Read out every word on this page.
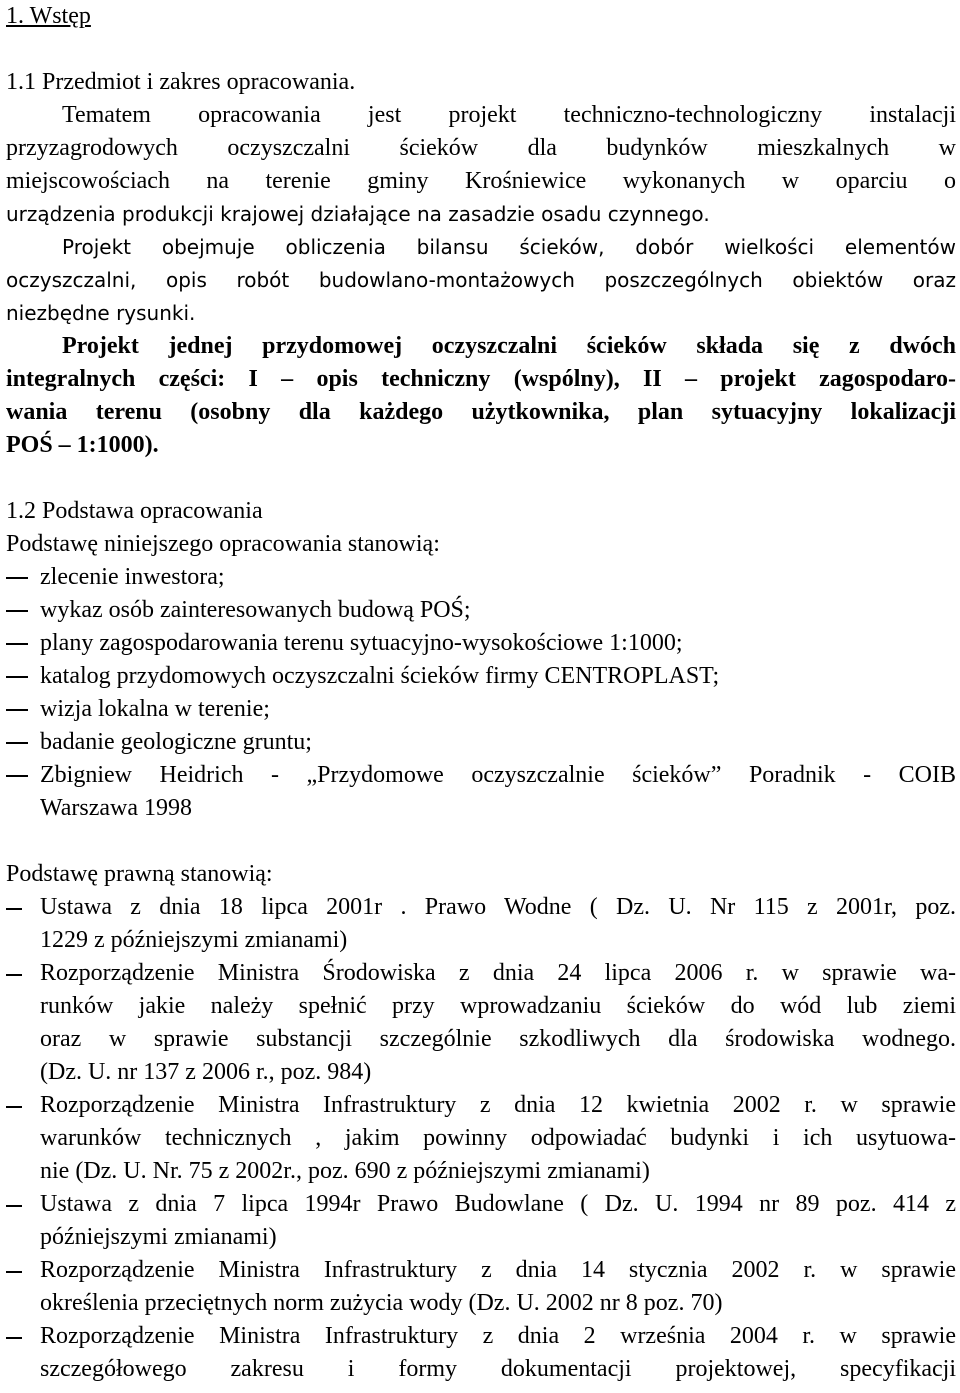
1. Wstęp
1.1 Przedmiot i zakres opracowania.
Tematem opracowania jest projekt techniczno-technologiczny instalacji
przyzagrodowych oczyszczalni ścieków dla budynków mieszkalnych w
miejscowościach na terenie gminy Krośniewice wykonanych w oparciu o
urządzenia produkcji krajowej działające na zasadzie osadu czynnego.
Projekt obejmuje obliczenia bilansu ścieków, dobór wielkości elementów
oczyszczalni, opis robót budowlano-montażowych poszczególnych obiektów oraz
niezbędne rysunki.
Projekt jednej przydomowej oczyszczalni ścieków składa się z dwóch
integralnych części: I – opis techniczny (wspólny), II – projekt zagospodaro-
wania terenu (osobny dla każdego użytkownika, plan sytuacyjny lokalizacji
POŚ – 1:1000).
1.2 Podstawa opracowania
Podstawę niniejszego opracowania stanowią:
zlecenie inwestora;
wykaz osób zainteresowanych budową POŚ;
plany zagospodarowania terenu sytuacyjno-wysokościowe 1:1000;
katalog przydomowych oczyszczalni ścieków firmy CENTROPLAST;
wizja lokalna w terenie;
badanie geologiczne gruntu;
Zbigniew Heidrich - „Przydomowe oczyszczalnie ścieków” Poradnik - COIB
Warszawa 1998
Podstawę prawną stanowią:
Ustawa z dnia 18 lipca 2001r . Prawo Wodne ( Dz. U. Nr 115 z 2001r, poz.
1229 z późniejszymi zmianami)
Rozporządzenie Ministra Środowiska z dnia 24 lipca 2006 r. w sprawie wa-
runków jakie należy spełnić przy wprowadzaniu ścieków do wód lub ziemi
oraz w sprawie substancji szczególnie szkodliwych dla środowiska wodnego.
(Dz. U. nr 137 z 2006 r., poz. 984)
Rozporządzenie Ministra Infrastruktury z dnia 12 kwietnia 2002 r. w sprawie
warunków technicznych , jakim powinny odpowiadać budynki i ich usytuowa-
nie (Dz. U. Nr. 75 z 2002r., poz. 690 z późniejszymi zmianami)
Ustawa z dnia 7 lipca 1994r Prawo Budowlane ( Dz. U. 1994 nr 89 poz. 414 z
późniejszymi zmianami)
Rozporządzenie Ministra Infrastruktury z dnia 14 stycznia 2002 r. w sprawie
określenia przeciętnych norm zużycia wody (Dz. U. 2002 nr 8 poz. 70)
Rozporządzenie Ministra Infrastruktury z dnia 2 września 2004 r. w sprawie
szczegółowego zakresu i formy dokumentacji projektowej, specyfikacji
